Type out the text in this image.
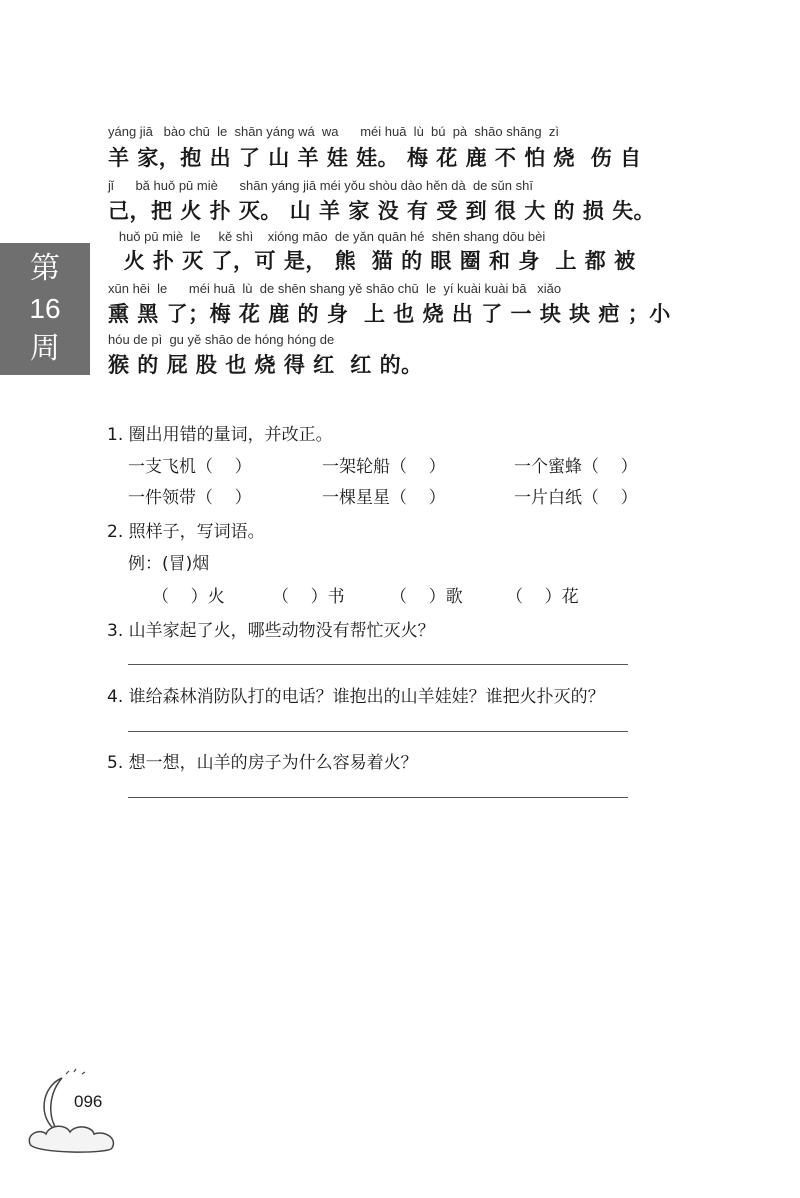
第
16
周
yáng jiā   bào chū  le  shān yáng wá  wa      méi huā  lù  bú  pà  shāo shāng  zì
羊 家，抱 出 了 山 羊 娃 娃。 梅 花 鹿 不 怕 烧  伤 自
jǐ      bǎ huǒ pū miè      shān yáng jiā méi yǒu shòu dào hěn dà  de sǔn shī
己，把 火 扑 灭。 山 羊 家 没 有 受 到 很 大 的 损 失。
huǒ pū miè  le     kě shì    xióng māo  de yǎn quān hé  shēn shang dōu bèi
火 扑 灭 了，可 是， 熊  猫 的 眼 圈 和 身  上 都 被
xūn hēi  le      méi huā  lù  de shēn shang yě shāo chū  le  yí kuài kuài bā   xiǎo
熏 黑 了；梅 花 鹿 的 身  上 也 烧 出 了 一 块 块 疤 ；小
hóu de pì  gu yě shāo de hóng hóng de
猴 的 屁 股 也 烧 得 红  红 的。
1. 圈出用错的量词，并改正。
一支飞机（    ）	一架轮船（    ）	一个蜜蜂（    ）
一件领带（    ）	一棵星星（    ）	一片白纸（    ）
2. 照样子，写词语。
例：(冒)烟
（    ）火	（    ）书	（    ）歌	（    ）花
3. 山羊家起了火，哪些动物没有帮忙灭火？
4. 谁给森林消防队打的电话？谁抱出的山羊娃娃？谁把火扑灭的？
5. 想一想，山羊的房子为什么容易着火？
096
